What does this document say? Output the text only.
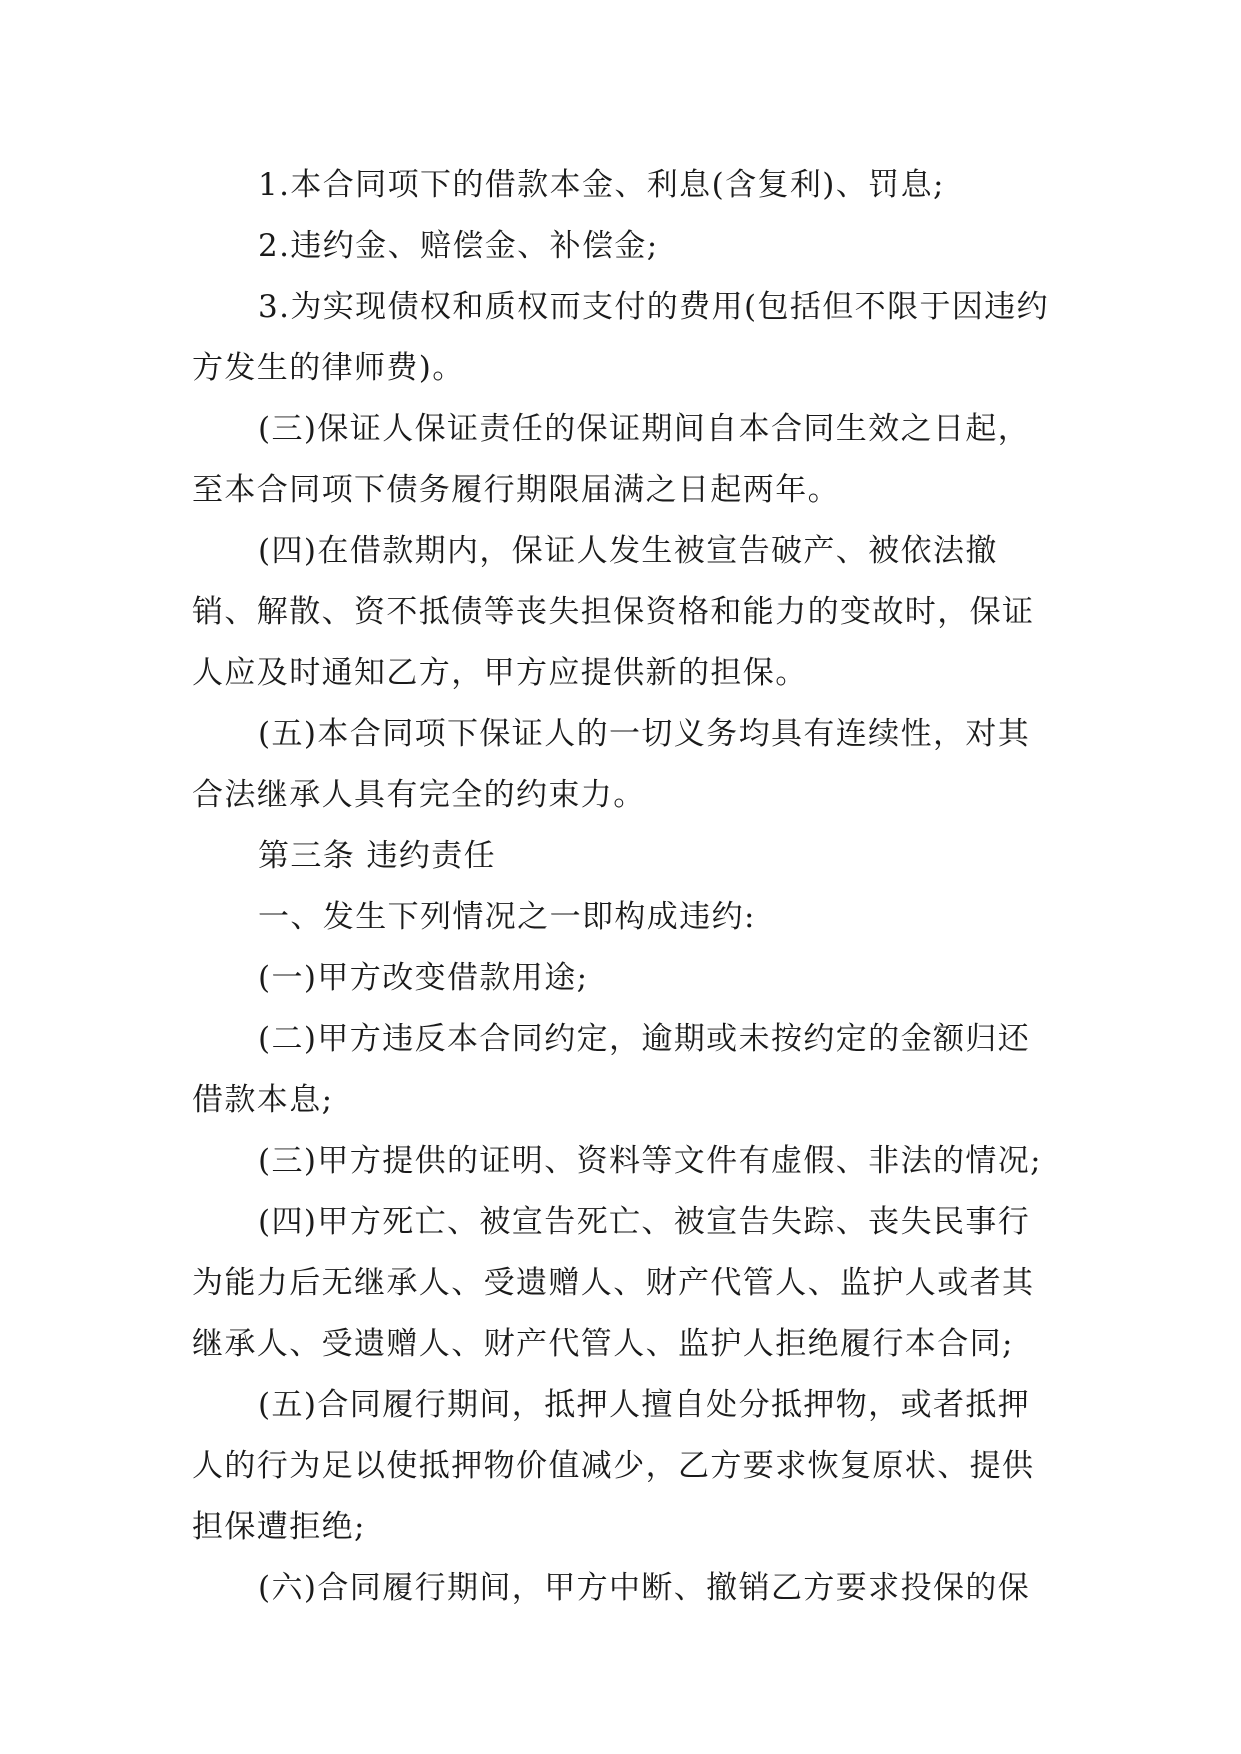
1.本合同项下的借款本金、利息(含复利)、罚息;

2.违约金、赔偿金、补偿金;

3.为实现债权和质权而支付的费用(包括但不限于因违约方发生的律师费)。

(三)保证人保证责任的保证期间自本合同生效之日起，至本合同项下债务履行期限届满之日起两年。

(四)在借款期内，保证人发生被宣告破产、被依法撤销、解散、资不抵债等丧失担保资格和能力的变故时，保证人应及时通知乙方，甲方应提供新的担保。

(五)本合同项下保证人的一切义务均具有连续性，对其合法继承人具有完全的约束力。

第三条 违约责任

一、发生下列情况之一即构成违约:

(一)甲方改变借款用途;

(二)甲方违反本合同约定，逾期或未按约定的金额归还借款本息;

(三)甲方提供的证明、资料等文件有虚假、非法的情况;

(四)甲方死亡、被宣告死亡、被宣告失踪、丧失民事行为能力后无继承人、受遗赠人、财产代管人、监护人或者其继承人、受遗赠人、财产代管人、监护人拒绝履行本合同;

(五)合同履行期间，抵押人擅自处分抵押物，或者抵押人的行为足以使抵押物价值减少，乙方要求恢复原状、提供担保遭拒绝;

(六)合同履行期间，甲方中断、撤销乙方要求投保的保
